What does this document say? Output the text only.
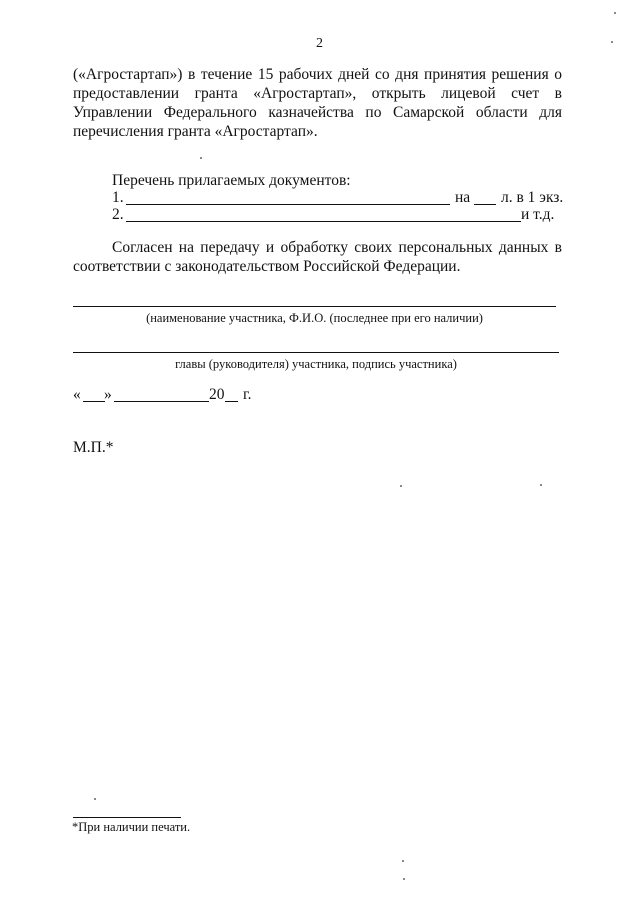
2

(«Агростартап») в течение 15 рабочих дней со дня принятия решения о предоставлении гранта «Агростартап», открыть лицевой счет в Управлении Федерального казначейства по Самарской области для перечисления гранта «Агростартап».

Перечень прилагаемых документов:
1.	на л. в 1 экз.
2.	и т.д.

Согласен на передачу и обработку своих персональных данных в соответствии с законодательством Российской Федерации.

(наименование участника, Ф.И.О. (последнее при его наличии)
главы (руководителя) участника, подпись участника)
« »	20 г.
М.П.*
*При наличии печати.
